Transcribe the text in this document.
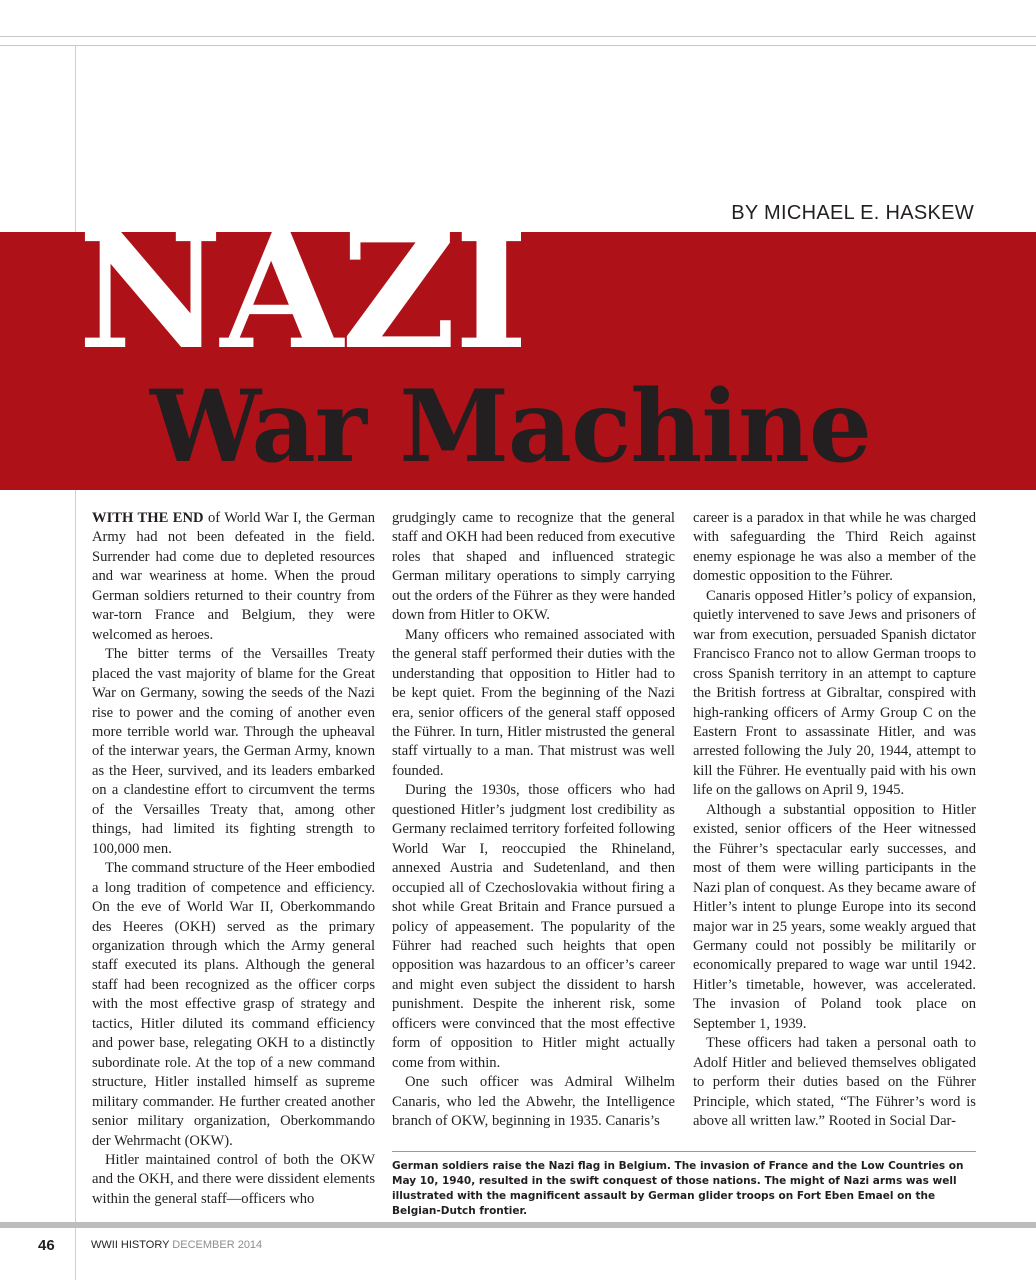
BY MICHAEL E. HASKEW
NAZI
War Machine

WITH THE END of World War I, the German Army had not been defeated in the field. Surrender had come due to depleted resources and war weariness at home. When the proud German soldiers returned to their country from war-torn France and Belgium, they were welcomed as heroes.

The bitter terms of the Versailles Treaty placed the vast majority of blame for the Great War on Germany, sowing the seeds of the Nazi rise to power and the coming of another even more terrible world war. Through the upheaval of the interwar years, the German Army, known as the Heer, survived, and its leaders embarked on a clandestine effort to circumvent the terms of the Versailles Treaty that, among other things, had limited its fighting strength to 100,000 men.

The command structure of the Heer embodied a long tradition of competence and efficiency. On the eve of World War II, Oberkommando des Heeres (OKH) served as the primary organization through which the Army general staff executed its plans. Although the general staff had been recognized as the officer corps with the most effective grasp of strategy and tactics, Hitler diluted its command efficiency and power base, relegating OKH to a distinctly subordinate role. At the top of a new command structure, Hitler installed himself as supreme military commander. He further created another senior military organization, Oberkommando der Wehrmacht (OKW).

Hitler maintained control of both the OKW and the OKH, and there were dissident elements within the general staff—officers who

grudgingly came to recognize that the general staff and OKH had been reduced from executive roles that shaped and influenced strategic German military operations to simply carrying out the orders of the Führer as they were handed down from Hitler to OKW.

Many officers who remained associated with the general staff performed their duties with the understanding that opposition to Hitler had to be kept quiet. From the beginning of the Nazi era, senior officers of the general staff opposed the Führer. In turn, Hitler mistrusted the general staff virtually to a man. That mistrust was well founded.

During the 1930s, those officers who had questioned Hitler’s judgment lost credibility as Germany reclaimed territory forfeited following World War I, reoccupied the Rhineland, annexed Austria and Sudetenland, and then occupied all of Czechoslovakia without firing a shot while Great Britain and France pursued a policy of appeasement. The popularity of the Führer had reached such heights that open opposition was hazardous to an officer’s career and might even subject the dissident to harsh punishment. Despite the inherent risk, some officers were convinced that the most effective form of opposition to Hitler might actually come from within.

One such officer was Admiral Wilhelm Canaris, who led the Abwehr, the Intelligence branch of OKW, beginning in 1935. Canaris’s

career is a paradox in that while he was charged with safeguarding the Third Reich against enemy espionage he was also a member of the domestic opposition to the Führer.

Canaris opposed Hitler’s policy of expansion, quietly intervened to save Jews and prisoners of war from execution, persuaded Spanish dictator Francisco Franco not to allow German troops to cross Spanish territory in an attempt to capture the British fortress at Gibraltar, conspired with high-ranking officers of Army Group C on the Eastern Front to assassinate Hitler, and was arrested following the July 20, 1944, attempt to kill the Führer. He eventually paid with his own life on the gallows on April 9, 1945.

Although a substantial opposition to Hitler existed, senior officers of the Heer witnessed the Führer’s spectacular early successes, and most of them were willing participants in the Nazi plan of conquest. As they became aware of Hitler’s intent to plunge Europe into its second major war in 25 years, some weakly argued that Germany could not possibly be militarily or economically prepared to wage war until 1942. Hitler’s timetable, however, was accelerated. The invasion of Poland took place on September 1, 1939.

These officers had taken a personal oath to Adolf Hitler and believed themselves obligated to perform their duties based on the Führer Principle, which stated, “The Führer’s word is above all written law.” Rooted in Social Dar-

German soldiers raise the Nazi flag in Belgium. The invasion of France and the Low Countries on May 10, 1940, resulted in the swift conquest of those nations. The might of Nazi arms was well illustrated with the magnificent assault by German glider troops on Fort Eben Emael on the Belgian-Dutch frontier.

46	WWII HISTORY DECEMBER 2014
